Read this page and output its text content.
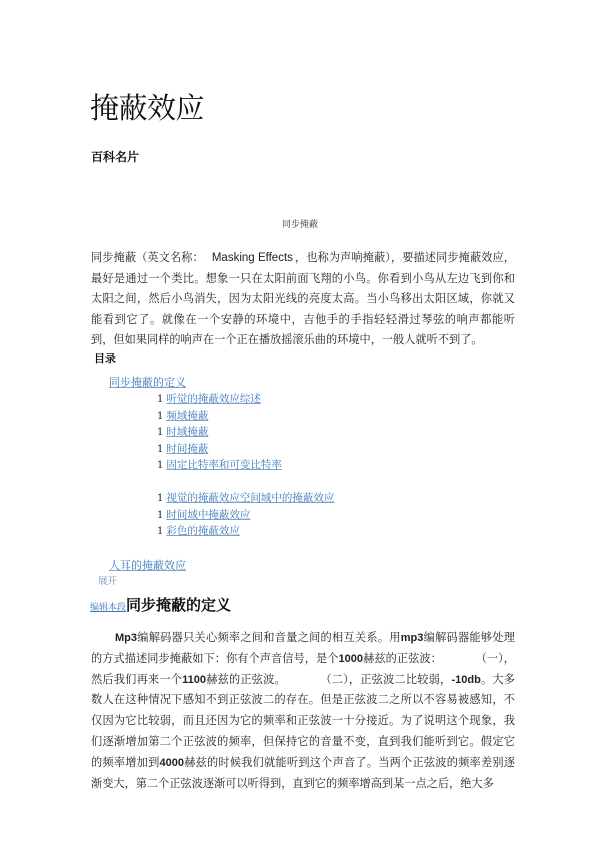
掩蔽效应
百科名片
同步掩蔽

同步掩蔽（英文名称： Masking Effects ，也称为声响掩蔽），要描述同步掩蔽效应，最好是通过一个类比。想象一只在太阳前面飞翔的小鸟。你看到小鸟从左边飞到你和太阳之间，然后小鸟消失，因为太阳光线的亮度太高。当小鸟移出太阳区域，你就又能看到它了。就像在一个安静的环境中，吉他手的手指轻轻滑过琴弦的响声都能听到，但如果同样的响声在一个正在播放摇滚乐曲的环境中，一般人就听不到了。

目录
同步掩蔽的定义
1 听觉的掩蔽效应综述
1 频域掩蔽
1 时域掩蔽
1 时间掩蔽
1 固定比特率和可变比特率
1 视觉的掩蔽效应空间域中的掩蔽效应
1 时间域中掩蔽效应
1 彩色的掩蔽效应
人耳的掩蔽效应
展开
编辑本段同步掩蔽的定义

Mp3编解码器只关心频率之间和音量之间的相互关系。用mp3编解码器能够处理的方式描述同步掩蔽如下：你有个声音信号，是个1000赫兹的正弦波：　　　　（一），然后我们再来一个1100赫兹的正弦波。　　　　（二），正弦波二比较弱，-10db。大多数人在这种情况下感知不到正弦波二的存在。但是正弦波二之所以不容易被感知，不仅因为它比较弱，而且还因为它的频率和正弦波一十分接近。为了说明这个现象，我们逐渐增加第二个正弦波的频率，但保持它的音量不变，直到我们能听到它。假定它的频率增加到4000赫兹的时候我们就能听到这个声音了。当两个正弦波的频率差别逐渐变大，第二个正弦波逐渐可以听得到，直到它的频率增高到某一点之后，绝大多
